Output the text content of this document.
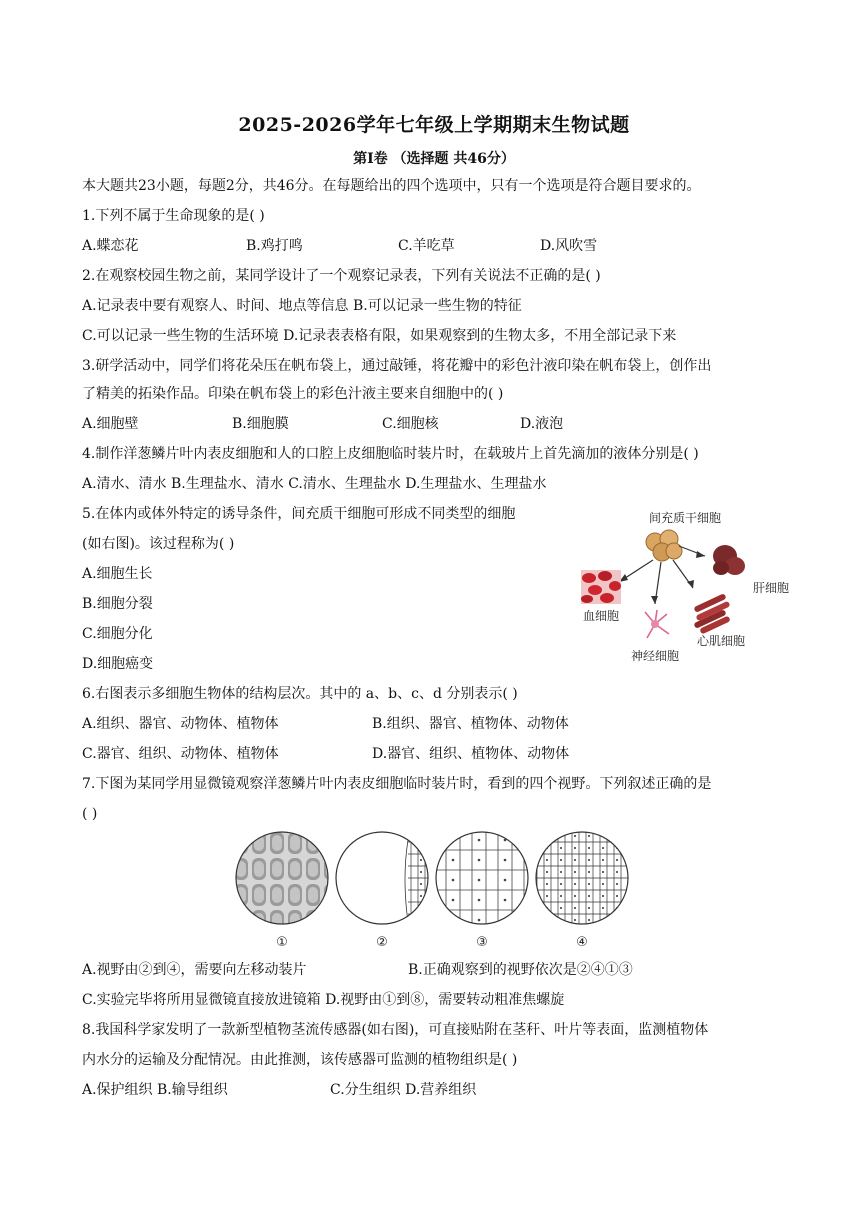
2025-2026学年七年级上学期期末生物试题
第Ⅰ卷 （选择题 共46分）
本大题共23小题，每题2分，共46分。在每题给出的四个选项中，只有一个选项是符合题目要求的。
1.下列不属于生命现象的是( )
A.蝶恋花	B.鸡打鸣	C.羊吃草	D.风吹雪
2.在观察校园生物之前，某同学设计了一个观察记录表，下列有关说法不正确的是( )
A.记录表中要有观察人、时间、地点等信息 B.可以记录一些生物的特征
C.可以记录一些生物的生活环境 D.记录表表格有限，如果观察到的生物太多，不用全部记录下来
3.研学活动中，同学们将花朵压在帆布袋上，通过敲锤，将花瓣中的彩色汁液印染在帆布袋上，创作出
了精美的拓染作品。印染在帆布袋上的彩色汁液主要来自细胞中的( )
A.细胞壁	B.细胞膜	C.细胞核	D.液泡
4.制作洋葱鳞片叶内表皮细胞和人的口腔上皮细胞临时装片时，在载玻片上首先滴加的液体分别是( )
A.清水、清水 B.生理盐水、清水 C.清水、生理盐水 D.生理盐水、生理盐水
5.在体内或体外特定的诱导条件，间充质干细胞可形成不同类型的细胞
(如右图)。该过程称为( )
A.细胞生长
B.细胞分裂
C.细胞分化
D.细胞癌变
间充质干细胞
血细胞
神经细胞
心肌细胞
肝细胞
6.右图表示多细胞生物体的结构层次。其中的 a、b、c、d 分别表示( )
A.组织、器官、动物体、植物体	B.组织、器官、植物体、动物体
C.器官、组织、动物体、植物体	D.器官、组织、植物体、动物体
7.下图为某同学用显微镜观察洋葱鳞片叶内表皮细胞临时装片时，看到的四个视野。下列叙述正确的是
( )
①	②	③	④
A.视野由②到④，需要向左移动装片	B.正确观察到的视野依次是②④①③
C.实验完毕将所用显微镜直接放进镜箱 D.视野由①到⑧，需要转动粗准焦螺旋
8.我国科学家发明了一款新型植物茎流传感器(如右图)，可直接贴附在茎秆、叶片等表面，监测植物体
内水分的运输及分配情况。由此推测，该传感器可监测的植物组织是( )
A.保护组织 B.输导组织	C.分生组织 D.营养组织
